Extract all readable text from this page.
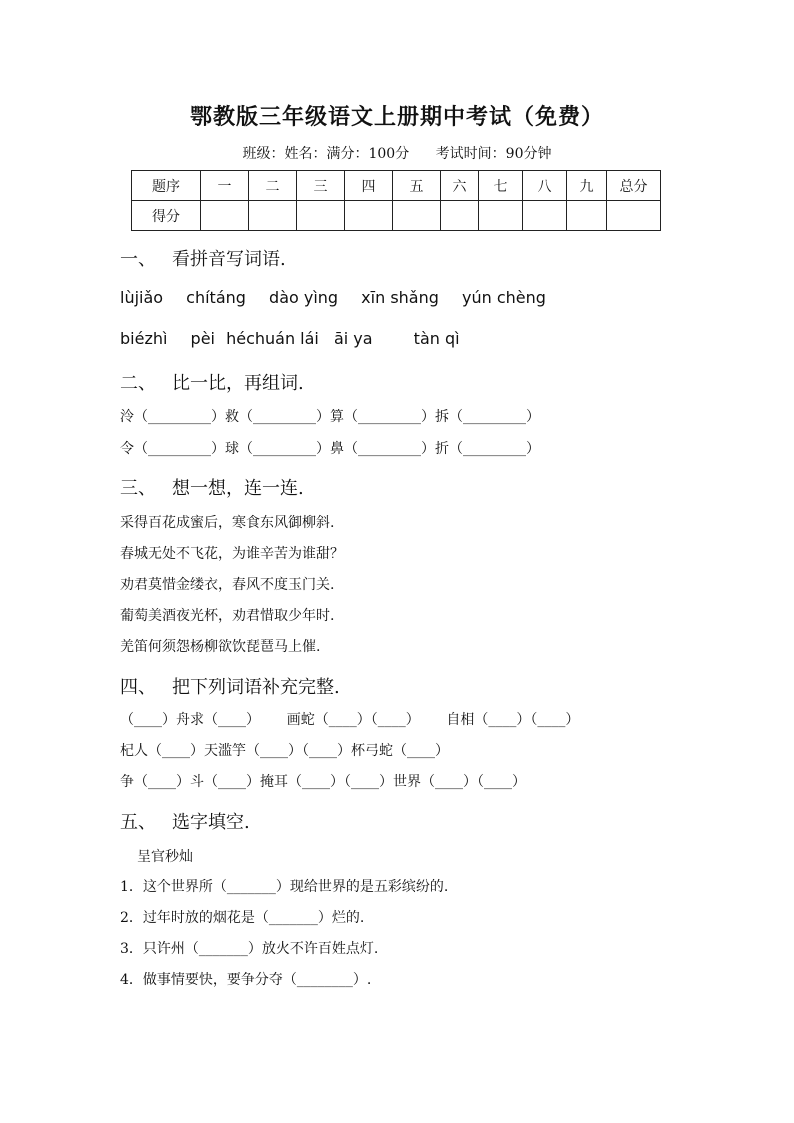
鄂教版三年级语文上册期中考试（免费）
班级：姓名：满分：100分 考试时间：90分钟
题序	一	二	三	四	五	六	七	八	九	总分
得分										
一、 看拼音写词语.
lùjiǎo chítáng dào yìng xīn shǎng yún chèng
biézhì pèi héchuán lái āi ya	tàn qì
二、 比一比，再组词.
泠（_________）救（_________）算（_________）拆（_________）
令（_________）球（_________）鼻（_________）折（_________）
三、 想一想，连一连.
采得百花成蜜后，寒食东风御柳斜.
春城无处不飞花，为谁辛苦为谁甜？
劝君莫惜金缕衣，春风不度玉门关.
葡萄美酒夜光杯，劝君惜取少年时.
羌笛何须怨杨柳欲饮琵琶马上催.
四、 把下列词语补充完整.
（____）舟求（____）      画蛇（____）（____）      自相（____）（____）
杞人（____）天滥竽（____）（____）杯弓蛇（____）
争（____）斗（____）掩耳（____）（____）世界（____）（____）
五、 选字填空.
呈官秒灿
1．这个世界所（_______）现给世界的是五彩缤纷的.
2．过年时放的烟花是（_______）烂的.
3．只许州（_______）放火不许百姓点灯.
4．做事情要快，要争分夺（________）.
